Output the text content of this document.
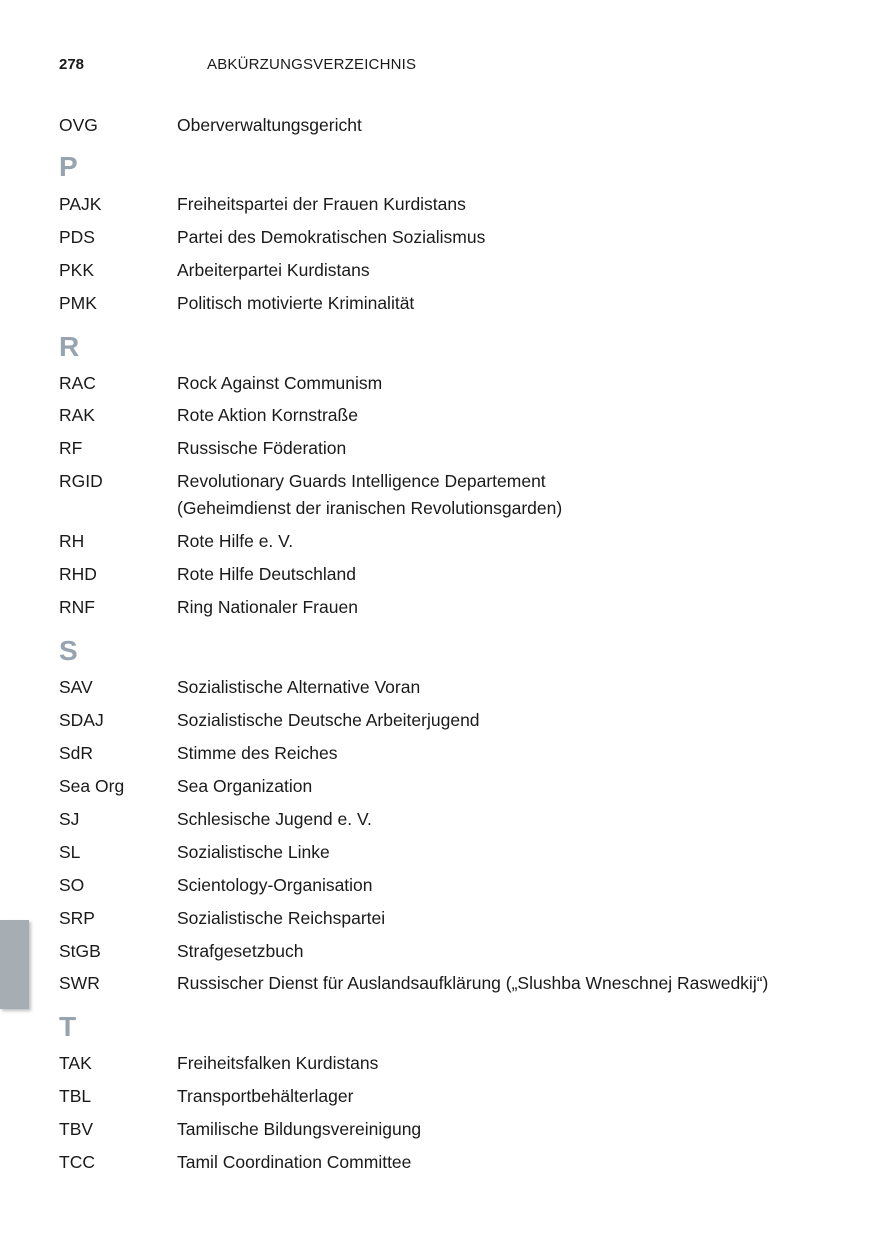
278	ABKÜRZUNGSVERZEICHNIS
OVG	Oberverwaltungsgericht
P
PAJK	Freiheitspartei der Frauen Kurdistans
PDS	Partei des Demokratischen Sozialismus
PKK	Arbeiterpartei Kurdistans
PMK	Politisch motivierte Kriminalität
R
RAC	Rock Against Communism
RAK	Rote Aktion Kornstraße
RF	Russische Föderation
RGID	Revolutionary Guards Intelligence Departement
(Geheimdienst der iranischen Revolutionsgarden)
RH	Rote Hilfe e. V.
RHD	Rote Hilfe Deutschland
RNF	Ring Nationaler Frauen
S
SAV	Sozialistische Alternative Voran
SDAJ	Sozialistische Deutsche Arbeiterjugend
SdR	Stimme des Reiches
Sea Org	Sea Organization
SJ	Schlesische Jugend e. V.
SL	Sozialistische Linke
SO	Scientology-Organisation
SRP	Sozialistische Reichspartei
StGB	Strafgesetzbuch
SWR	Russischer Dienst für Auslandsaufklärung („Slushba Wneschnej Raswedkij“)
T
TAK	Freiheitsfalken Kurdistans
TBL	Transportbehälterlager
TBV	Tamilische Bildungsvereinigung
TCC	Tamil Coordination Committee
